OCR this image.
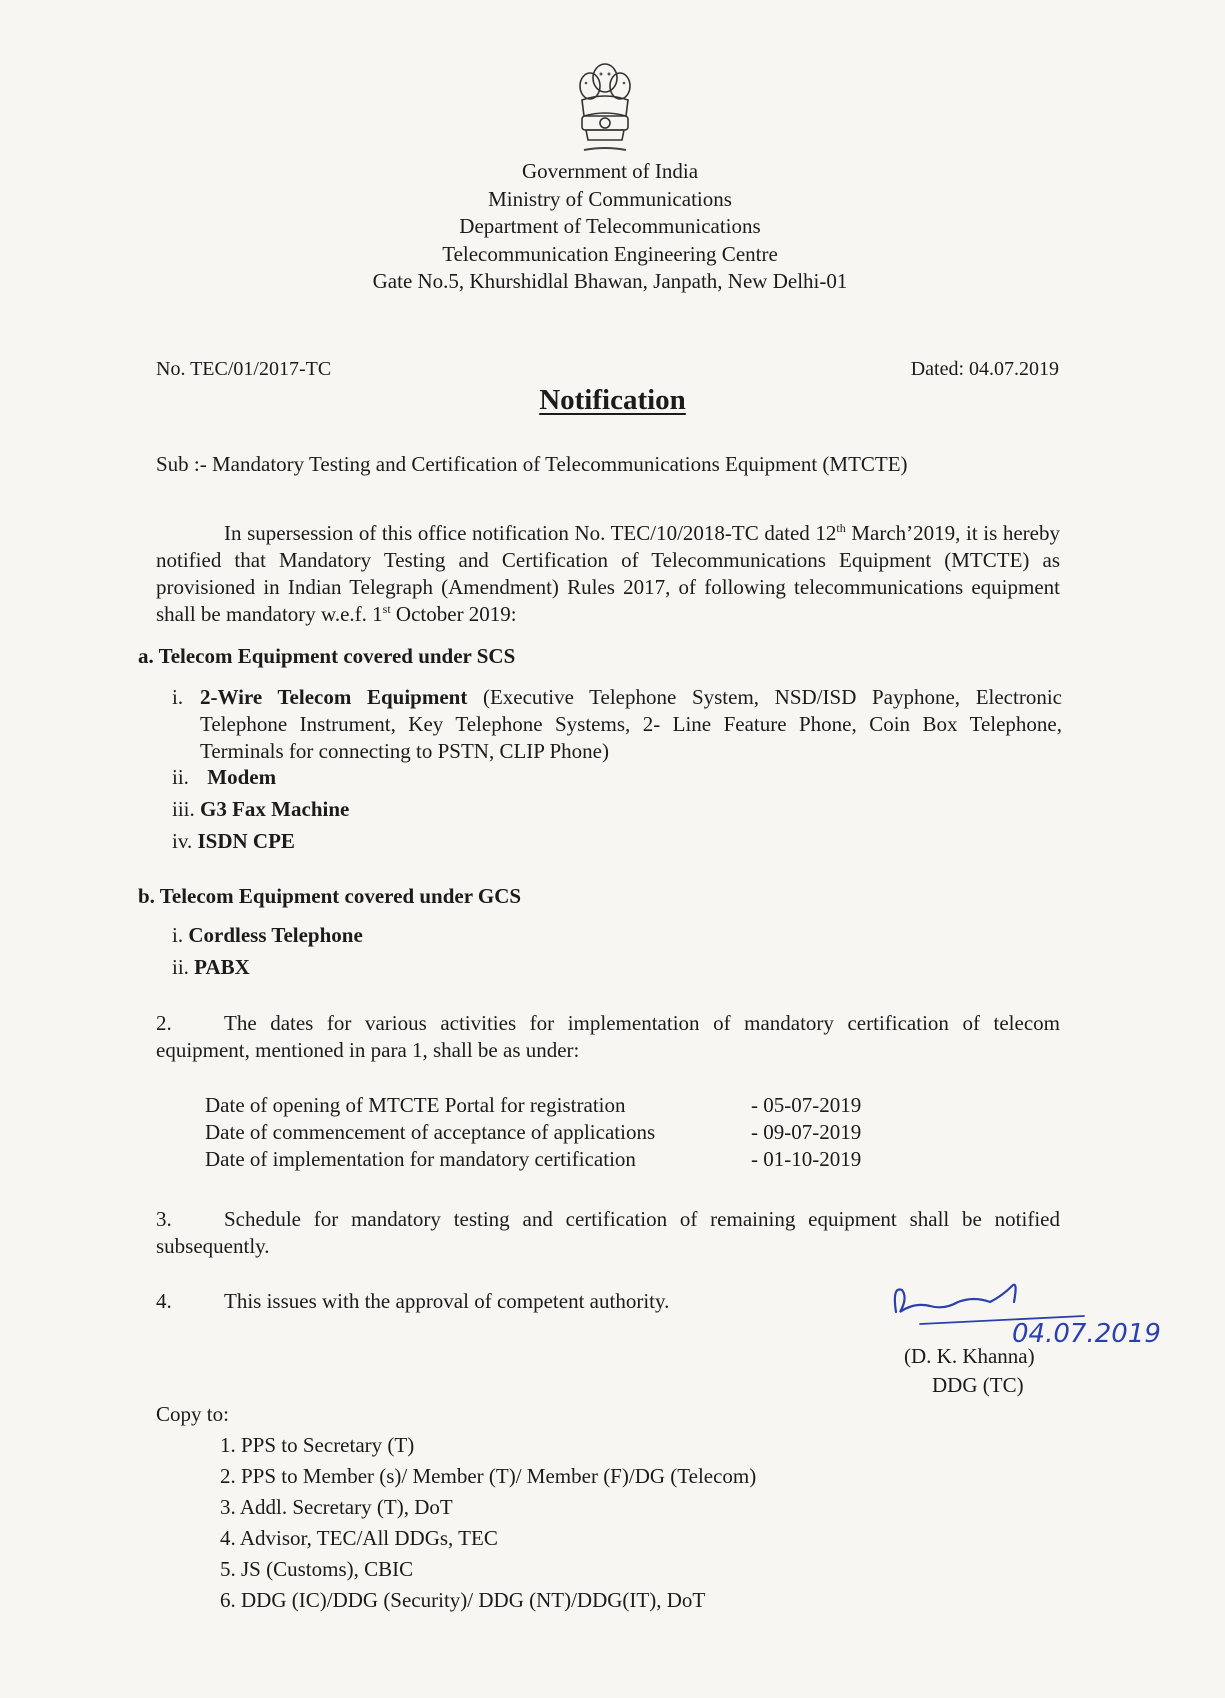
Government of India
Ministry of Communications
Department of Telecommunications
Telecommunication Engineering Centre
Gate No.5, Khurshidlal Bhawan, Janpath, New Delhi-01
No. TEC/01/2017-TC	Dated: 04.07.2019
Notification
Sub :- Mandatory Testing and Certification of Telecommunications Equipment (MTCTE)
In supersession of this office notification No. TEC/10/2018-TC dated 12th March’2019, it is hereby notified that Mandatory Testing and Certification of Telecommunications Equipment (MTCTE) as provisioned in Indian Telegraph (Amendment) Rules 2017, of following telecommunications equipment shall be mandatory w.e.f. 1st October 2019:
a. Telecom Equipment covered under SCS
i. 2-Wire Telecom Equipment (Executive Telephone System, NSD/ISD Payphone, Electronic Telephone Instrument, Key Telephone Systems, 2- Line Feature Phone, Coin Box Telephone, Terminals for connecting to PSTN, CLIP Phone)
ii. Modem
iii. G3 Fax Machine
iv. ISDN CPE
b. Telecom Equipment covered under GCS
i. Cordless Telephone
ii. PABX
2. The dates for various activities for implementation of mandatory certification of telecom equipment, mentioned in para 1, shall be as under:
Date of opening of MTCTE Portal for registration	- 05-07-2019
Date of commencement of acceptance of applications	- 09-07-2019
Date of implementation for mandatory certification	- 01-10-2019
3. Schedule for mandatory testing and certification of remaining equipment shall be notified subsequently.
4. This issues with the approval of competent authority.
04.07.2019
(D. K. Khanna)
DDG (TC)
Copy to:
1. PPS to Secretary (T)
2. PPS to Member (s)/ Member (T)/ Member (F)/DG (Telecom)
3. Addl. Secretary (T), DoT
4. Advisor, TEC/All DDGs, TEC
5. JS (Customs), CBIC
6. DDG (IC)/DDG (Security)/ DDG (NT)/DDG(IT), DoT
